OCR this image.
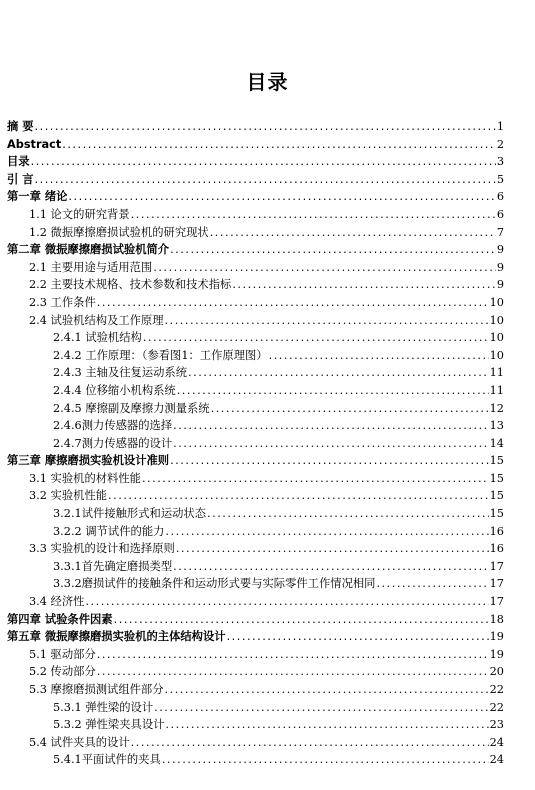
目录
摘 要 .....	1
Abstract .....	2
目录 .....	3
引 言 .....	5
第一章 绪论 .....	6
1.1 论文的研究背景 .....	6
1.2 微振摩擦磨损试验机的研究现状 .....	7
第二章 微振摩擦磨损试验机简介 .....	9
2.1 主要用途与适用范围 .....	9
2.2 主要技术规格、技术参数和技术指标 .....	9
2.3 工作条件 .....	10
2.4 试验机结构及工作原理 .....	10
2.4.1 试验机结构 .....	10
2.4.2 工作原理：（参看图1：工作原理图） .....	10
2.4.3 主轴及往复运动系统 .....	11
2.4.4 位移缩小机构系统 .....	11
2.4.5 摩擦副及摩擦力测量系统 .....	12
2.4.6测力传感器的选择 .....	13
2.4.7测力传感器的设计 .....	14
第三章 摩擦磨损实验机设计准则 .....	15
3.1 实验机的材料性能 .....	15
3.2 实验机性能 .....	15
3.2.1试件接触形式和运动状态 .....	15
3.2.2 调节试件的能力 .....	16
3.3 实验机的设计和选择原则 .....	16
3.3.1首先确定磨损类型 .....	17
3.3.2磨损试件的接触条件和运动形式要与实际零件工作情况相同 .....	17
3.4 经济性 .....	17
第四章 试验条件因素 .....	18
第五章 微振摩擦磨损实验机的主体结构设计 .....	19
5.1 驱动部分 .....	19
5.2 传动部分 .....	20
5.3 摩擦磨损测试组件部分 .....	22
5.3.1 弹性梁的设计 .....	22
5.3.2 弹性梁夹具设计 .....	23
5.4 试件夹具的设计 .....	24
5.4.1平面试件的夹具 .....	24
